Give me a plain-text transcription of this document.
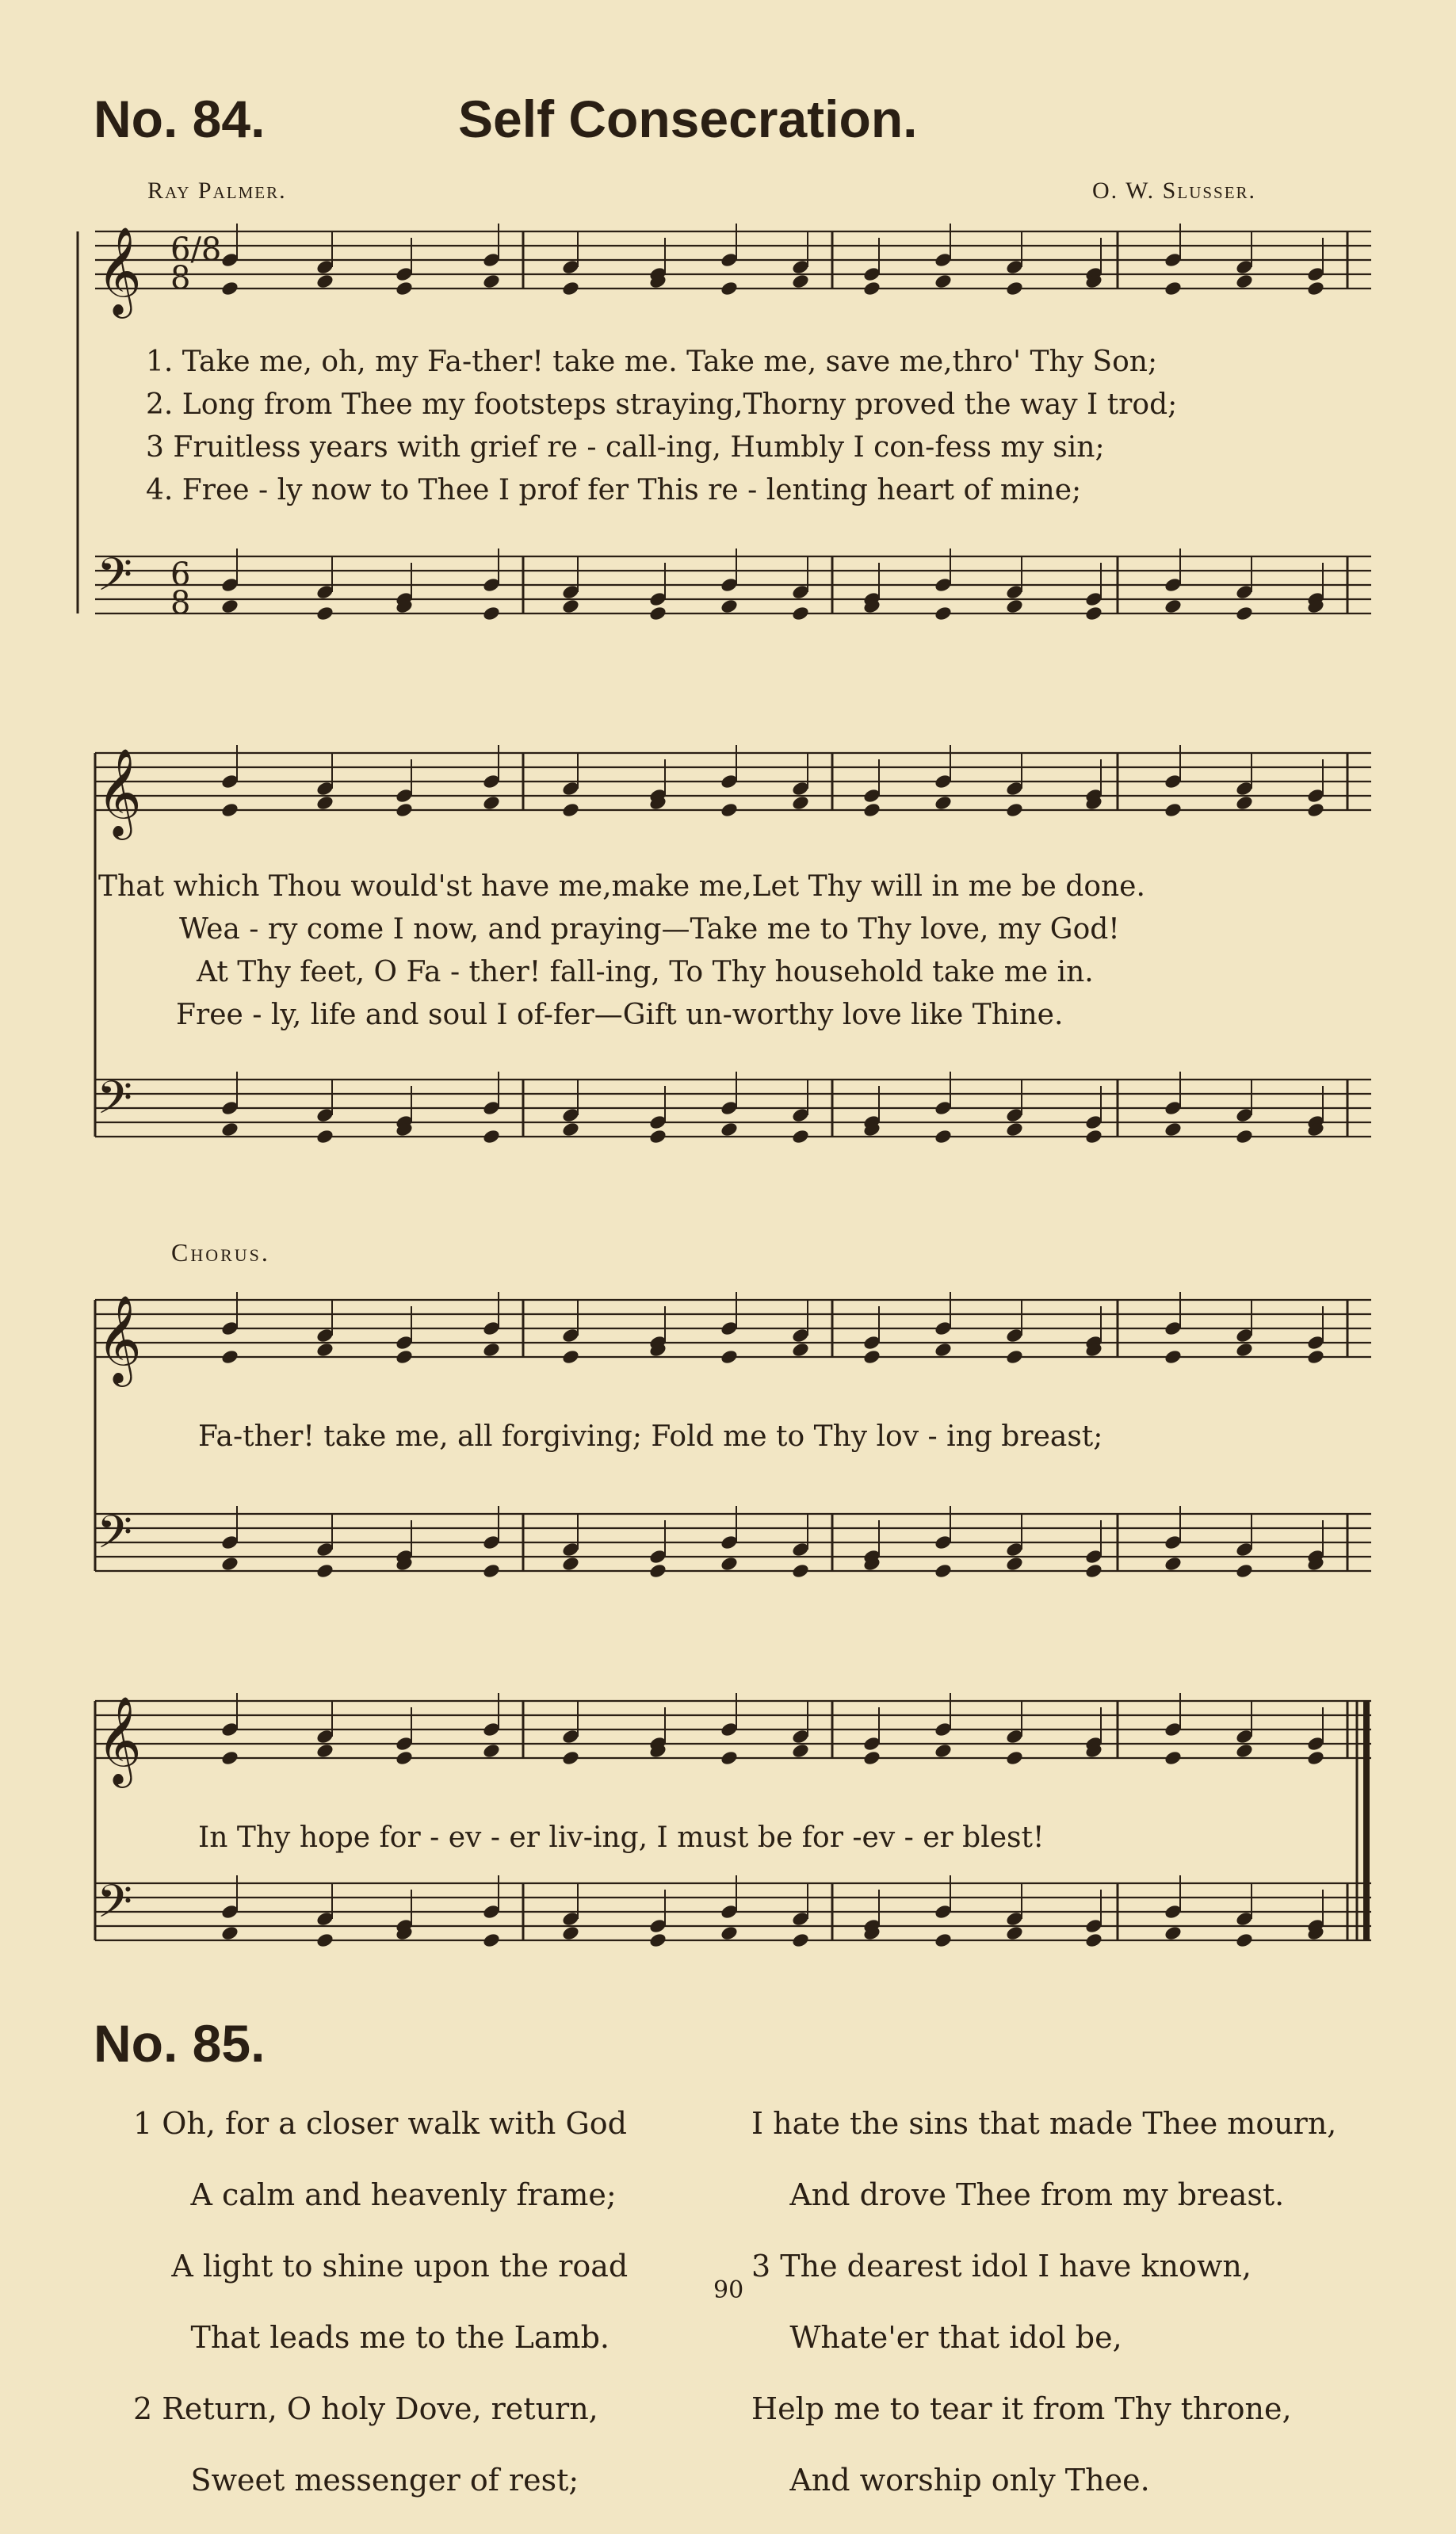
No. 84.	Self Consecration.
Ray Palmer.	O. W. Slusser.
𝄞 6/8
8
𝄢 6
8
𝄞
𝄢
𝄞
𝄢
𝄞
𝄢
1. Take me, oh, my Fa-ther! take me. Take me, save me,thro' Thy Son;
2. Long from Thee my footsteps straying,Thorny proved the way I trod;
3 Fruitless years with grief re - call-ing, Humbly I con-fess my sin;
4. Free - ly now to Thee I prof fer This re - lenting heart of mine;
That which Thou would'st have me,make me,Let Thy will in me be done.
Wea - ry come I now, and praying—Take me to Thy love, my God!
At Thy feet, O Fa - ther! fall-ing, To Thy household take me in.
Free - ly, life and soul I of-fer—Gift un-worthy love like Thine.
Chorus.
Fa-ther! take me, all forgiving; Fold me to Thy lov - ing breast;
In Thy hope for - ev - er liv-ing, I must be for -ev - er blest!
No. 85.

1 Oh, for a closer walk with God

A calm and heavenly frame;

A light to shine upon the road

That leads me to the Lamb.

2 Return, O holy Dove, return,

Sweet messenger of rest;

I hate the sins that made Thee mourn,

And drove Thee from my breast.

3 The dearest idol I have known,

Whate'er that idol be,

Help me to tear it from Thy throne,

And worship only Thee.

90
